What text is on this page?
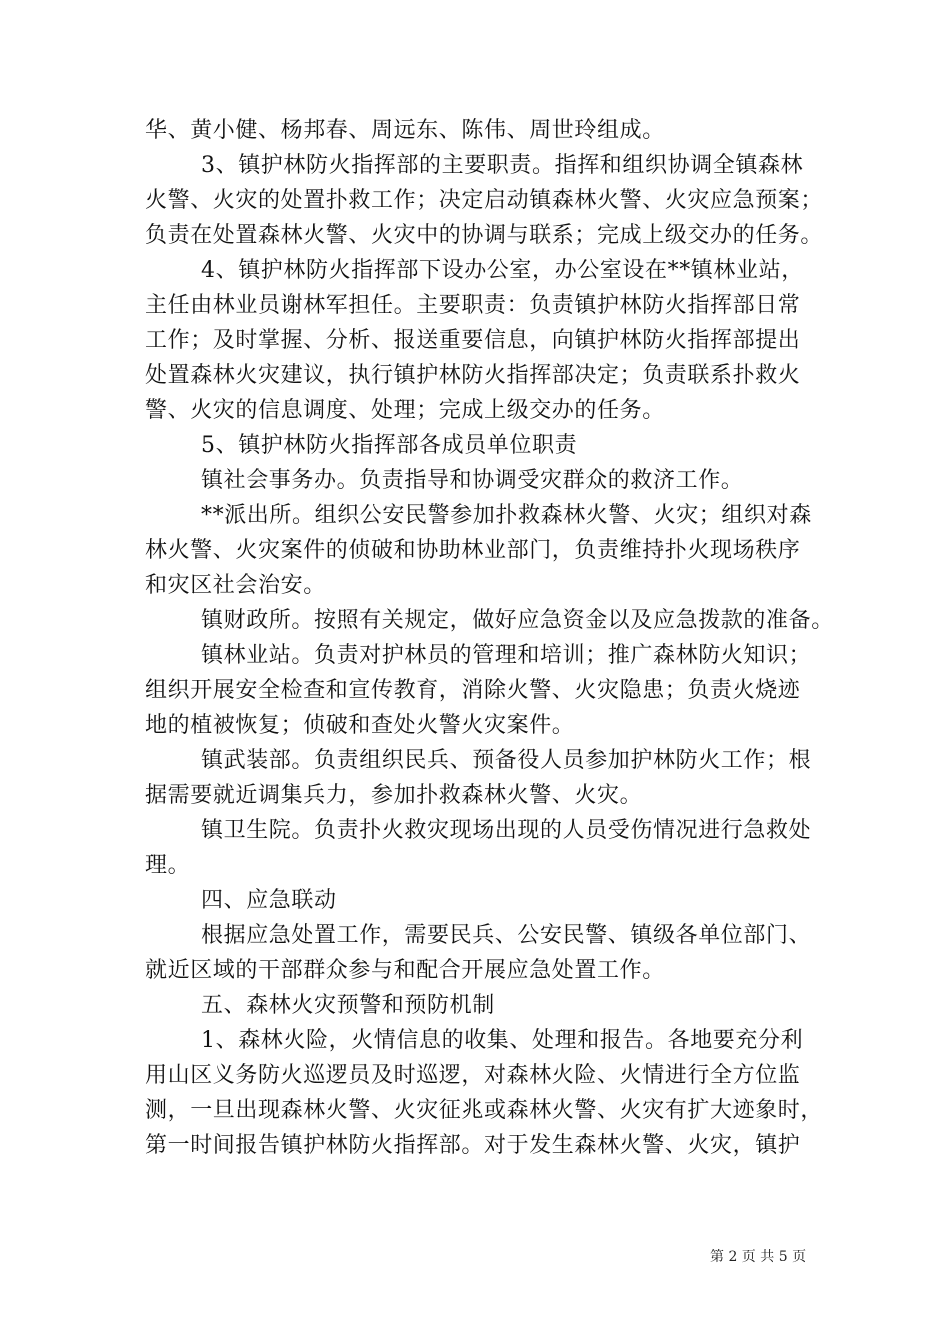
华、黄小健、杨邦春、周远东、陈伟、周世玲组成。

3、镇护林防火指挥部的主要职责。指挥和组织协调全镇森林

火警、火灾的处置扑救工作；决定启动镇森林火警、火灾应急预案；

负责在处置森林火警、火灾中的协调与联系；完成上级交办的任务。

4、镇护林防火指挥部下设办公室，办公室设在**镇林业站，

主任由林业员谢林军担任。主要职责：负责镇护林防火指挥部日常

工作；及时掌握、分析、报送重要信息，向镇护林防火指挥部提出

处置森林火灾建议，执行镇护林防火指挥部决定；负责联系扑救火

警、火灾的信息调度、处理；完成上级交办的任务。

5、镇护林防火指挥部各成员单位职责

镇社会事务办。负责指导和协调受灾群众的救济工作。

**派出所。组织公安民警参加扑救森林火警、火灾；组织对森

林火警、火灾案件的侦破和协助林业部门，负责维持扑火现场秩序

和灾区社会治安。

镇财政所。按照有关规定，做好应急资金以及应急拨款的准备。

镇林业站。负责对护林员的管理和培训；推广森林防火知识；

组织开展安全检查和宣传教育，消除火警、火灾隐患；负责火烧迹

地的植被恢复；侦破和查处火警火灾案件。

镇武装部。负责组织民兵、预备役人员参加护林防火工作；根

据需要就近调集兵力，参加扑救森林火警、火灾。

镇卫生院。负责扑火救灾现场出现的人员受伤情况进行急救处

理。

四、应急联动

根据应急处置工作，需要民兵、公安民警、镇级各单位部门、

就近区域的干部群众参与和配合开展应急处置工作。

五、森林火灾预警和预防机制

1、森林火险，火情信息的收集、处理和报告。各地要充分利

用山区义务防火巡逻员及时巡逻，对森林火险、火情进行全方位监

测，一旦出现森林火警、火灾征兆或森林火警、火灾有扩大迹象时，

第一时间报告镇护林防火指挥部。对于发生森林火警、火灾，镇护

第 2 页 共 5 页
